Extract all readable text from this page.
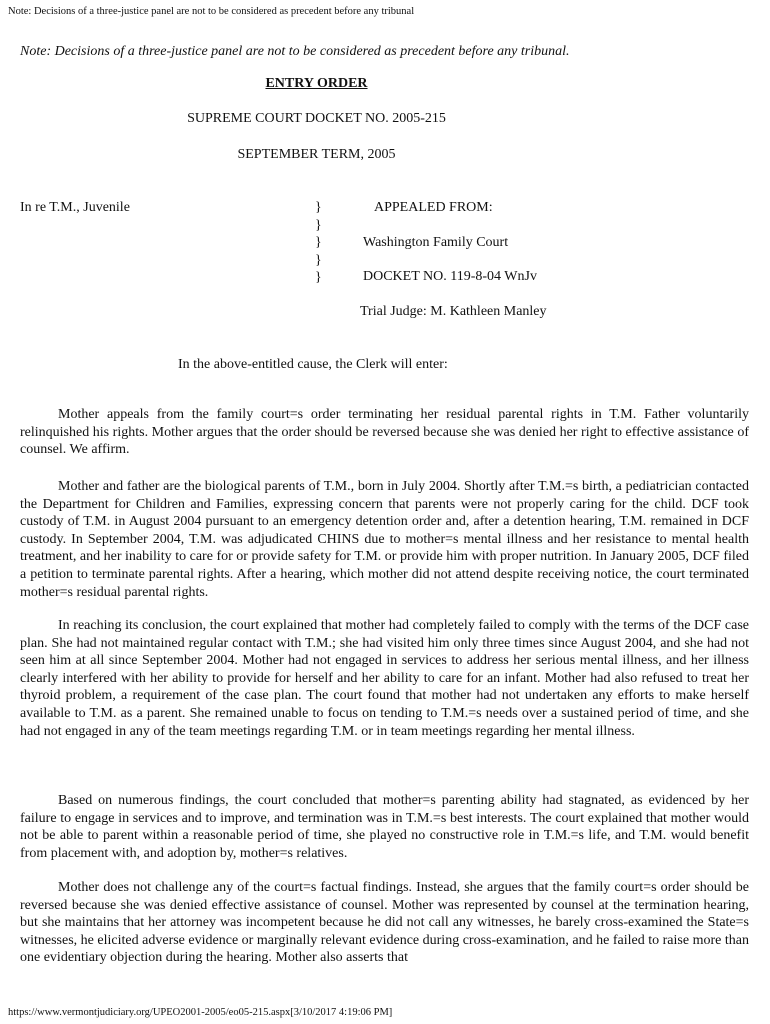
Note: Decisions of a three-justice panel are not to be considered as precedent before any tribunal
Note: Decisions of a three-justice panel are not to be considered as precedent before any tribunal.
ENTRY ORDER
SUPREME COURT DOCKET NO. 2005-215
SEPTEMBER TERM, 2005
In re T.M., Juvenile	}
}
}
}
}
APPEALED FROM:
Washington Family Court
DOCKET NO. 119-8-04 WnJv
Trial Judge: M. Kathleen Manley
In the above-entitled cause, the Clerk will enter:

Mother appeals from the family court=s order terminating her residual parental rights in T.M. Father voluntarily relinquished his rights. Mother argues that the order should be reversed because she was denied her right to effective assistance of counsel. We affirm.

Mother and father are the biological parents of T.M., born in July 2004. Shortly after T.M.=s birth, a pediatrician contacted the Department for Children and Families, expressing concern that parents were not properly caring for the child. DCF took custody of T.M. in August 2004 pursuant to an emergency detention order and, after a detention hearing, T.M. remained in DCF custody. In September 2004, T.M. was adjudicated CHINS due to mother=s mental illness and her resistance to mental health treatment, and her inability to care for or provide safety for T.M. or provide him with proper nutrition. In January 2005, DCF filed a petition to terminate parental rights. After a hearing, which mother did not attend despite receiving notice, the court terminated mother=s residual parental rights.

In reaching its conclusion, the court explained that mother had completely failed to comply with the terms of the DCF case plan. She had not maintained regular contact with T.M.; she had visited him only three times since August 2004, and she had not seen him at all since September 2004. Mother had not engaged in services to address her serious mental illness, and her illness clearly interfered with her ability to provide for herself and her ability to care for an infant. Mother had also refused to treat her thyroid problem, a requirement of the case plan. The court found that mother had not undertaken any efforts to make herself available to T.M. as a parent. She remained unable to focus on tending to T.M.=s needs over a sustained period of time, and she had not engaged in any of the team meetings regarding T.M. or in team meetings regarding her mental illness.

Based on numerous findings, the court concluded that mother=s parenting ability had stagnated, as evidenced by her failure to engage in services and to improve, and termination was in T.M.=s best interests. The court explained that mother would not be able to parent within a reasonable period of time, she played no constructive role in T.M.=s life, and T.M. would benefit from placement with, and adoption by, mother=s relatives.

Mother does not challenge any of the court=s factual findings. Instead, she argues that the family court=s order should be reversed because she was denied effective assistance of counsel. Mother was represented by counsel at the termination hearing, but she maintains that her attorney was incompetent because he did not call any witnesses, he barely cross-examined the State=s witnesses, he elicited adverse evidence or marginally relevant evidence during cross-examination, and he failed to raise more than one evidentiary objection during the hearing. Mother also asserts that

https://www.vermontjudiciary.org/UPEO2001-2005/eo05-215.aspx[3/10/2017 4:19:06 PM]
